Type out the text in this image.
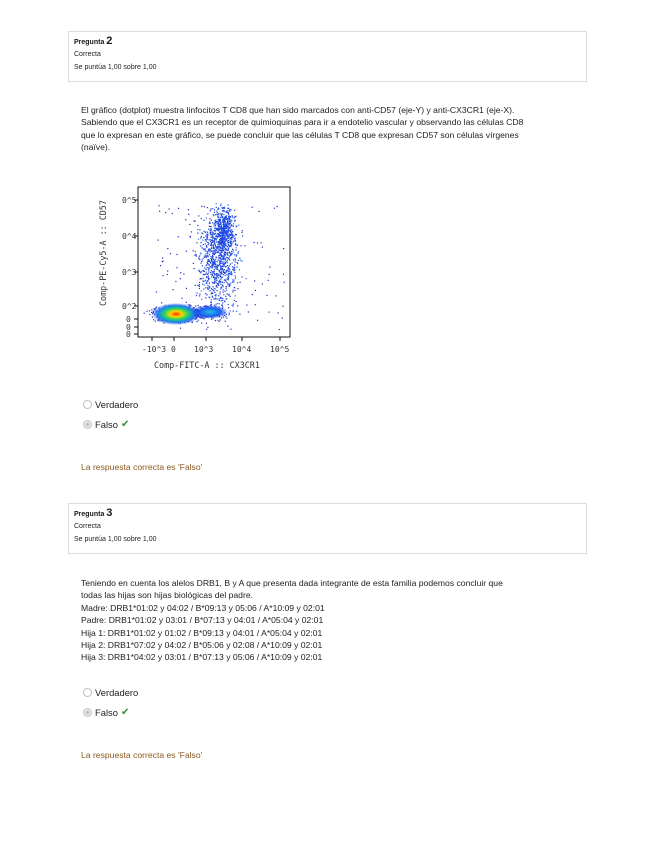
Pregunta 2
Correcta
Se puntúa 1,00 sobre 1,00

El gráfico (dotplot) muestra linfocitos T CD8 que han sido marcados con anti-CD57 (eje-Y) y anti-CX3CR1 (eje-X).

Sabiendo que el CX3CR1 es un receptor de quimioquinas para ir a endotelio vascular y observando las células CD8

que lo expresan en este gráfico, se puede concluir que las células T CD8 que expresan CD57 son células vírgenes

(naïve).

0^5
0^4
0^3
0^2
0
0
0
-10^3 0 10^3 10^4 10^5
Comp-FITC-A :: CX3CR1
Comp-PE-Cy5-A :: CD57
Verdadero
Falso ✔
La respuesta correcta es 'Falso'
Pregunta 3
Correcta
Se puntúa 1,00 sobre 1,00

Teniendo en cuenta los alelos DRB1, B y A que presenta dada integrante de esta familia podemos concluir que

todas las hijas son hijas biológicas del padre.

Madre: DRB1*01:02 y 04:02 / B*09:13 y 05:06 / A*10:09 y 02:01

Padre: DRB1*01:02 y 03:01 / B*07:13 y 04:01 / A*05:04 y 02:01

Hija 1: DRB1*01:02 y 01:02 / B*09:13 y 04:01 / A*05:04 y 02:01

Hija 2: DRB1*07:02 y 04:02 / B*05:06 y 02:08 / A*10:09 y 02:01

Hija 3: DRB1*04:02 y 03:01 / B*07:13 y 05:06 / A*10:09 y 02:01

Verdadero
Falso ✔
La respuesta correcta es 'Falso'
